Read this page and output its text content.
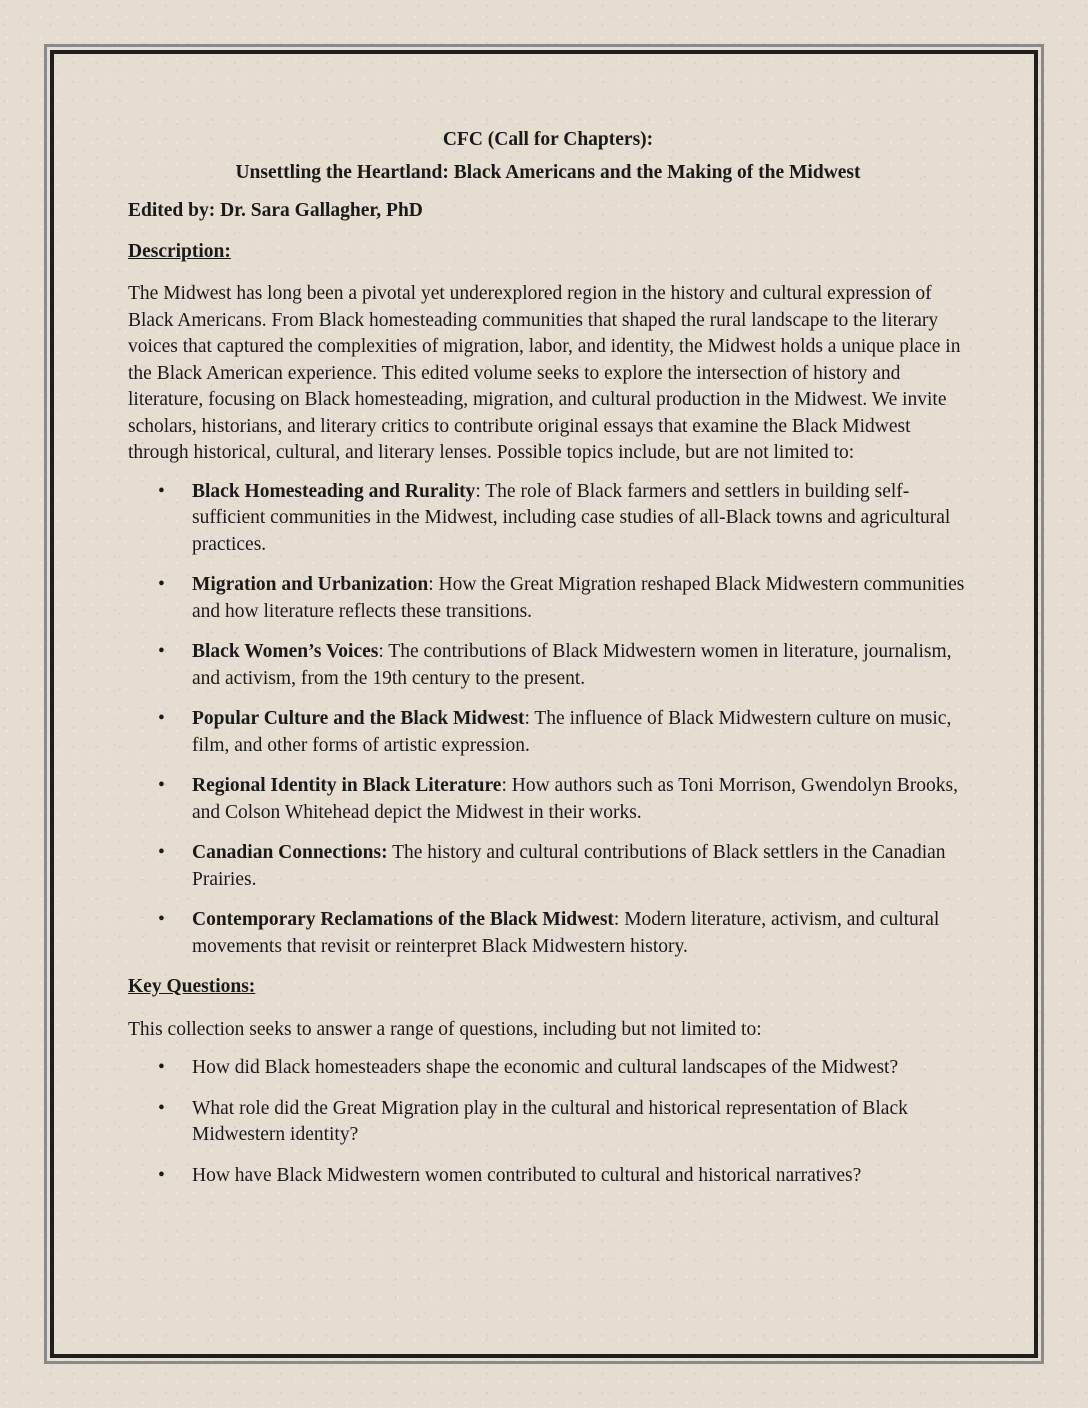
CFC (Call for Chapters):

Unsettling the Heartland: Black Americans and the Making of the Midwest

Edited by: Dr. Sara Gallagher, PhD

Description:

The Midwest has long been a pivotal yet underexplored region in the history and cultural expression of Black Americans. From Black homesteading communities that shaped the rural landscape to the literary voices that captured the complexities of migration, labor, and identity, the Midwest holds a unique place in the Black American experience. This edited volume seeks to explore the intersection of history and literature, focusing on Black homesteading, migration, and cultural production in the Midwest. We invite scholars, historians, and literary critics to contribute original essays that examine the Black Midwest through historical, cultural, and literary lenses. Possible topics include, but are not limited to:

• Black Homesteading and Rurality: The role of Black farmers and settlers in building self-sufficient communities in the Midwest, including case studies of all-Black towns and agricultural practices.
• Migration and Urbanization: How the Great Migration reshaped Black Midwestern communities and how literature reflects these transitions.
• Black Women’s Voices: The contributions of Black Midwestern women in literature, journalism, and activism, from the 19th century to the present.
• Popular Culture and the Black Midwest: The influence of Black Midwestern culture on music, film, and other forms of artistic expression.
• Regional Identity in Black Literature: How authors such as Toni Morrison, Gwendolyn Brooks, and Colson Whitehead depict the Midwest in their works.
• Canadian Connections: The history and cultural contributions of Black settlers in the Canadian Prairies.
• Contemporary Reclamations of the Black Midwest: Modern literature, activism, and cultural movements that revisit or reinterpret Black Midwestern history.

Key Questions:

This collection seeks to answer a range of questions, including but not limited to:

• How did Black homesteaders shape the economic and cultural landscapes of the Midwest?
• What role did the Great Migration play in the cultural and historical representation of Black Midwestern identity?
• How have Black Midwestern women contributed to cultural and historical narratives?
